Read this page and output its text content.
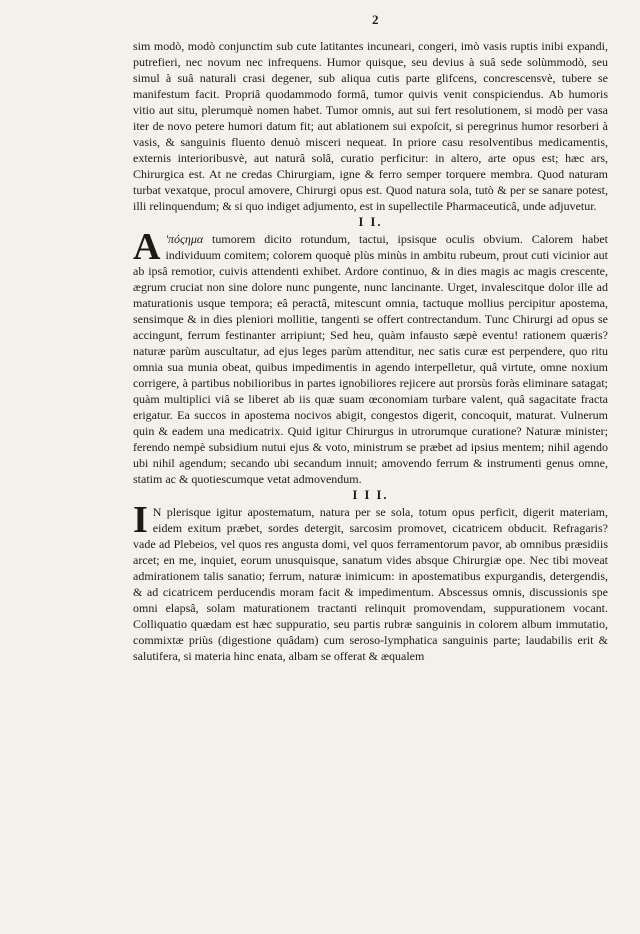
2

sim modò, modò conjunctim sub cute latitantes incuneari, congeri, imò vasis ruptis inibi expandi, putrefieri, nec novum nec infrequens. Humor quisque, seu devius à suâ sede solùmmodò, seu simul à suâ naturali crasi degener, sub aliqua cutis parte glifcens, concrescensvè, tubere se manifestum facit. Propriâ quodammodo formâ, tumor quivis venit conspiciendus. Ab humoris vitio aut situ, plerumquè nomen habet. Tumor omnis, aut sui fert resolutionem, si modò per vasa iter de novo petere humori datum fit; aut ablationem sui expoſcit, si peregrinus humor resorberi à vasis, & sanguinis fluento denuò misceri nequeat. In priore casu resolventibus medicamentis, externis interioribusvè, aut naturâ solâ, curatio perficitur: in altero, arte opus est; hæc ars, Chirurgica est. At ne credas Chirurgiam, igne & ferro semper torquere membra. Quod naturam turbat vexatque, procul amovere, Chirurgi opus est. Quod natura sola, tutò & per se sanare potest, illi relinquendum; & si quo indiget adjumento, est in supellectile Pharmaceuticâ, unde adjuvetur.

I I.

A 'πόςημα tumorem dicito rotundum, tactui, ipsisque oculis obvium. Calorem habet individuum comitem; colorem quoquè plùs minùs in ambitu rubeum, prout cuti vicinior aut ab ipsâ remotior, cuivis attendenti exhibet. Ardore continuo, & in dies magis ac magis crescente, ægrum cruciat non sine dolore nunc pungente, nunc lancinante. Urget, invalescitque dolor ille ad maturationis usque tempora; eâ peractâ, mitescunt omnia, tactuque mollius percipitur apostema, sensimque & in dies pleniori mollitie, tangenti se offert contrectandum. Tunc Chirurgi ad opus se accingunt, ferrum festinanter arripiunt; Sed heu, quàm infausto sæpè eventu! rationem quæris? naturæ parùm auscultatur, ad ejus leges parùm attenditur, nec satis curæ est perpendere, quo ritu omnia sua munia obeat, quibus impedimentis in agendo interpelletur, quâ virtute, omne noxium corrigere, à partibus nobilioribus in partes ignobiliores rejicere aut prorsùs foràs eliminare satagat; quàm multiplici viâ se liberet ab iis quæ suam œconomiam turbare valent, quâ sagacitate fracta erigatur. Ea succos in apostema nocivos abigit, congestos digerit, concoquit, maturat. Vulnerum quin & eadem una medicatrix. Quid igitur Chirurgus in utrorumque curatione? Naturæ minister; ferendo nempè subsidium nutui ejus & voto, ministrum se præbet ad ipsius mentem; nihil agendo ubi nihil agendum; secando ubi secandum innuit; amovendo ferrum & instrumenti genus omne, statim ac & quotiescumque vetat admovendum.

I I I.

I N plerisque igitur apostematum, natura per se sola, totum opus perficit, digerit materiam, eidem exitum præbet, sordes detergit, sarcosim promovet, cicatricem obducit. Refragaris? vade ad Plebeios, vel quos res angusta domi, vel quos ferramentorum pavor, ab omnibus præsidiis arcet; en me, inquiet, eorum unusquisque, sanatum vides absque Chirurgiæ ope. Nec tibi moveat admirationem talis sanatio; ferrum, naturæ inimicum: in apostematibus expurgandis, detergendis, & ad cicatricem perducendis moram facit & impedimentum. Abscessus omnis, discussionis spe omni elapsâ, solam maturationem tractanti relinquit promovendam, suppurationem vocant. Colliquatio quædam est hæc suppuratio, seu partis rubræ sanguinis in colorem album immutatio, commixtæ priùs (digestione quâdam) cum seroso-lymphatica sanguinis parte; laudabilis erit & salutifera, si materia hinc enata, albam se offerat & æqualem
